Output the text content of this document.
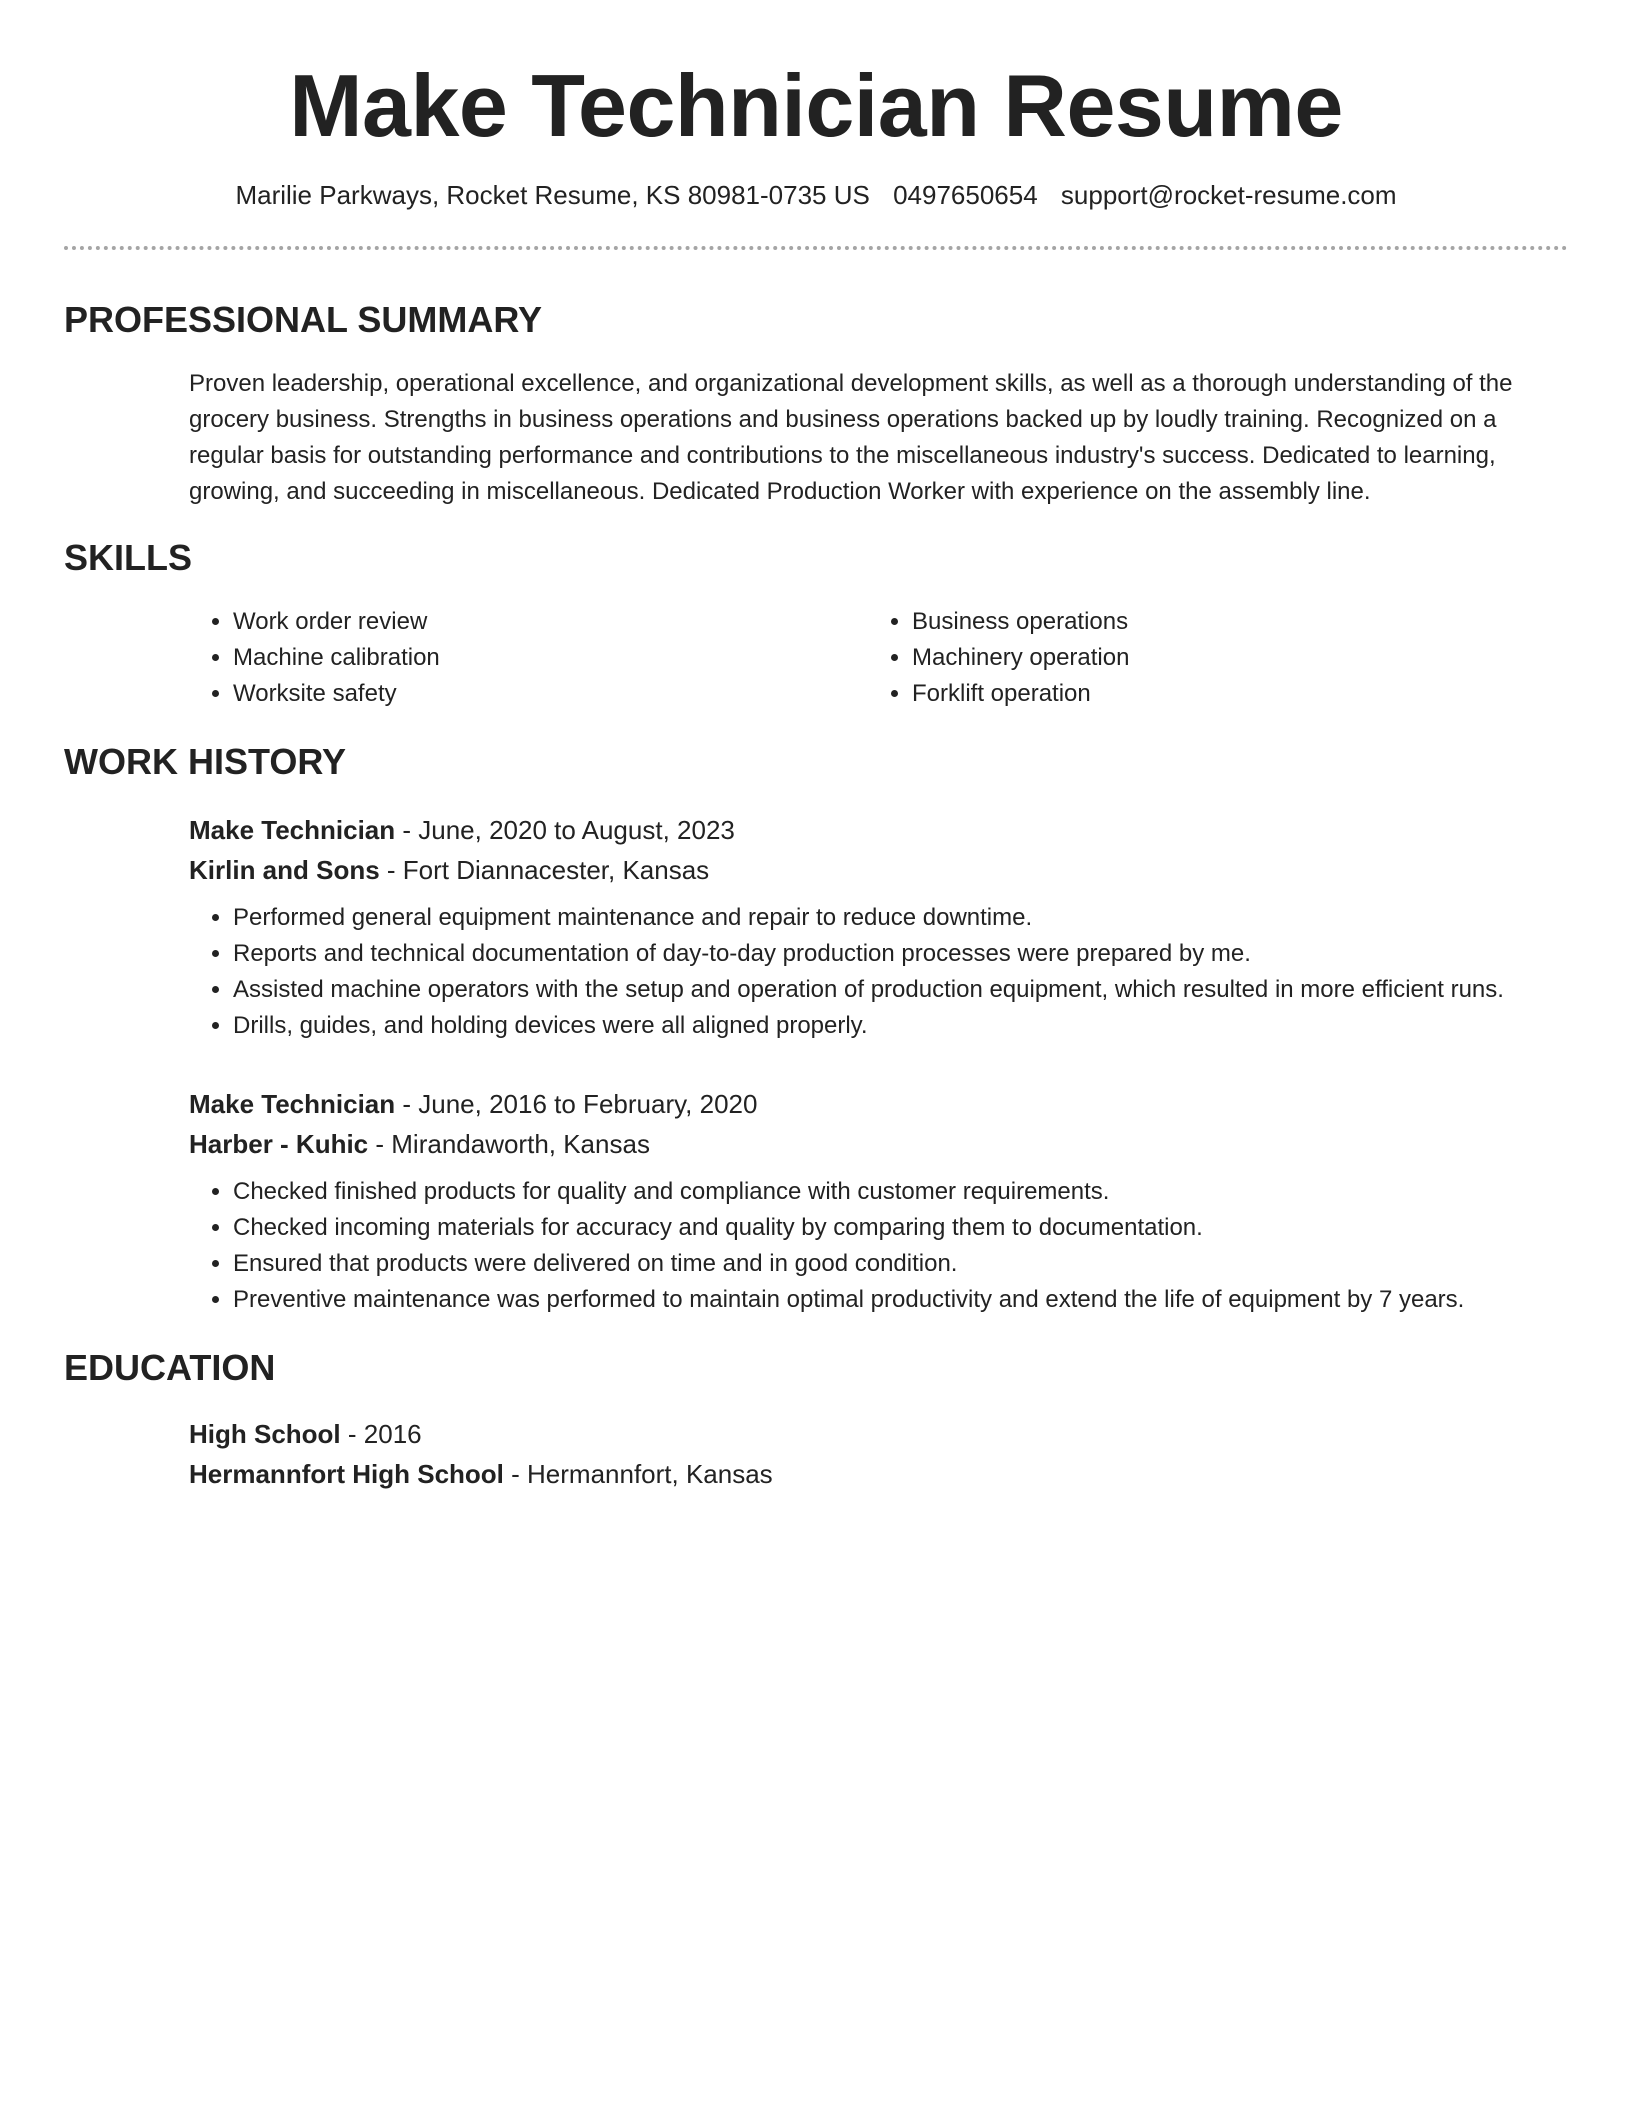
Make Technician Resume
Marilie Parkways, Rocket Resume, KS 80981-0735 US 0497650654 support@rocket-resume.com
PROFESSIONAL SUMMARY
Proven leadership, operational excellence, and organizational development skills, as well as a thorough understanding of the grocery business. Strengths in business operations and business operations backed up by loudly training. Recognized on a regular basis for outstanding performance and contributions to the miscellaneous industry's success. Dedicated to learning, growing, and succeeding in miscellaneous. Dedicated Production Worker with experience on the assembly line.
SKILLS
• Work order review
• Machine calibration
• Worksite safety
• Business operations
• Machinery operation
• Forklift operation
WORK HISTORY
Make Technician - June, 2020 to August, 2023
Kirlin and Sons - Fort Diannacester, Kansas
• Performed general equipment maintenance and repair to reduce downtime.
• Reports and technical documentation of day-to-day production processes were prepared by me.
• Assisted machine operators with the setup and operation of production equipment, which resulted in more efficient runs.
• Drills, guides, and holding devices were all aligned properly.
Make Technician - June, 2016 to February, 2020
Harber - Kuhic - Mirandaworth, Kansas
• Checked finished products for quality and compliance with customer requirements.
• Checked incoming materials for accuracy and quality by comparing them to documentation.
• Ensured that products were delivered on time and in good condition.
• Preventive maintenance was performed to maintain optimal productivity and extend the life of equipment by 7 years.
EDUCATION
High School - 2016
Hermannfort High School - Hermannfort, Kansas
